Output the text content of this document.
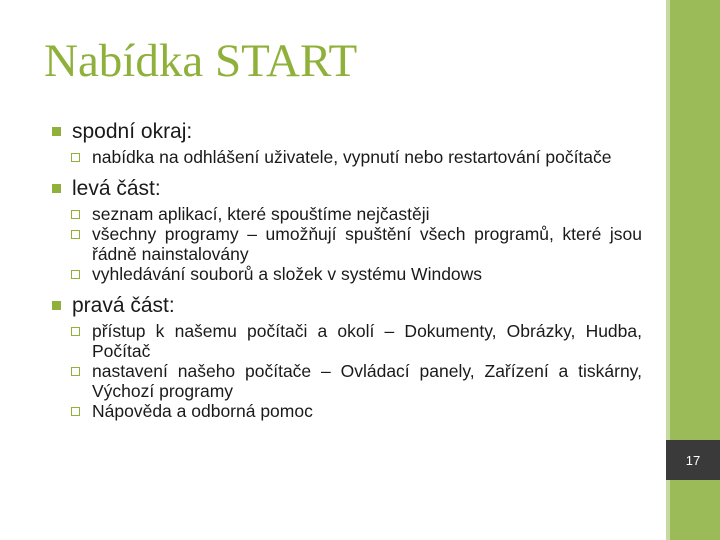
17
Nabídka START
spodní okraj:
nabídka na odhlášení uživatele, vypnutí nebo restartování počítače
levá část:
seznam aplikací, které spouštíme nejčastěji
všechny programy – umožňují spuštění všech programů, které jsou řádně nainstalovány
vyhledávání souborů a složek v systému Windows
pravá část:
přístup k našemu počítači a okolí – Dokumenty, Obrázky, Hudba, Počítač
nastavení našeho počítače – Ovládací panely, Zařízení a tiskárny, Výchozí programy
Nápověda a odborná pomoc
